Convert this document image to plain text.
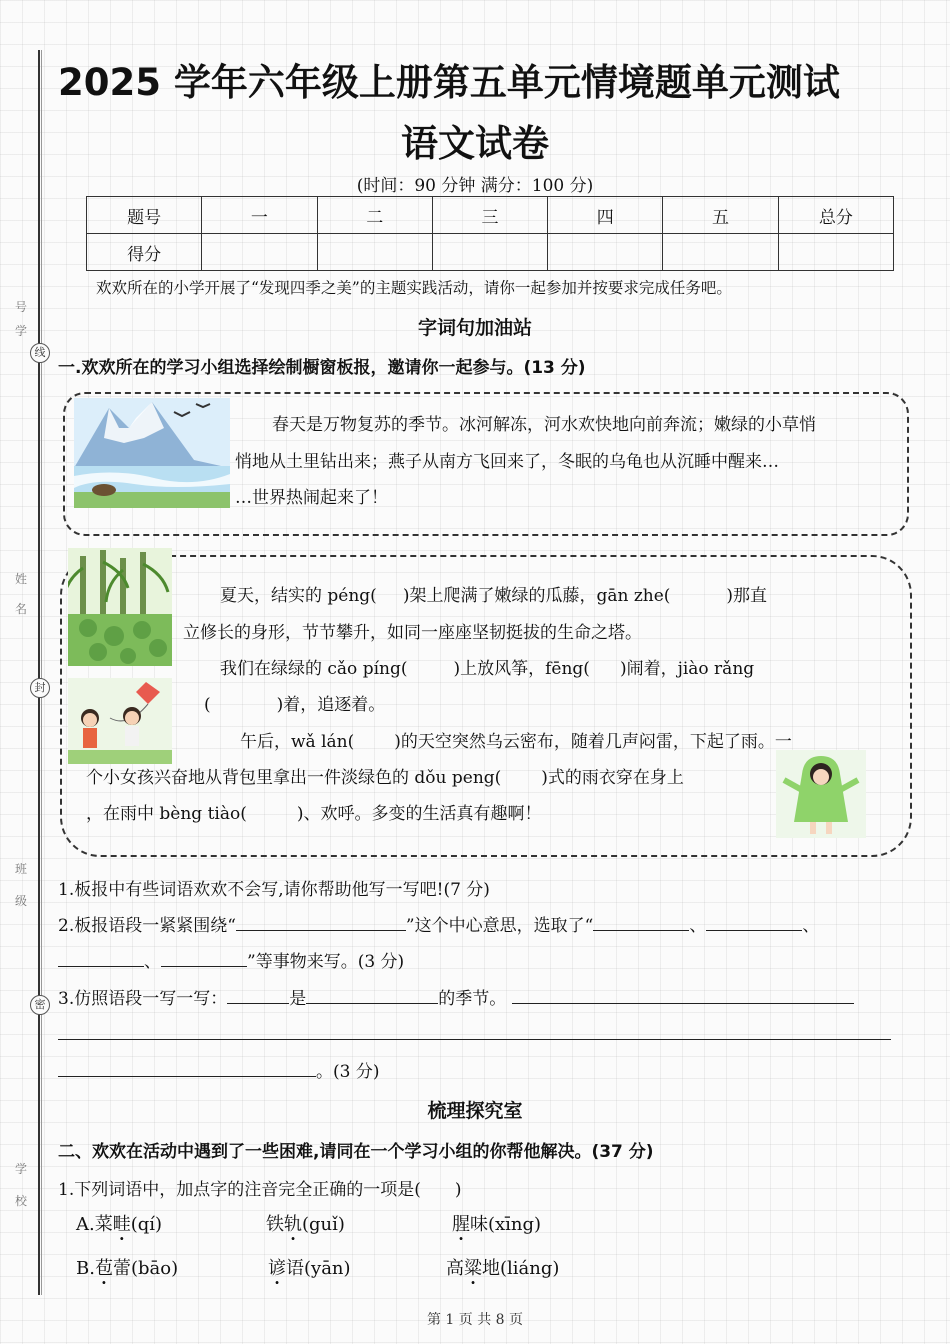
学
号
姓
名
班
级
学
校
线
封
密
2025 学年六年级上册第五单元情境题单元测试
语文试卷
(时间：90 分钟 满分：100 分)
题号	一	二	三	四	五	总分
得分						
欢欢所在的小学开展了“发现四季之美”的主题实践活动，请你一起参加并按要求完成任务吧。
字词句加油站
一.欢欢所在的学习小组选择绘制橱窗板报，邀请你一起参与。(13 分)
春天是万物复苏的季节。冰河解冻，河水欢快地向前奔流；嫩绿的小草悄
悄地从土里钻出来；燕子从南方飞回来了，冬眠的乌龟也从沉睡中醒来…
…世界热闹起来了！
夏天，结实的 péng( )架上爬满了嫩绿的瓜藤，gān zhe(	)那直
立修长的身形，节节攀升，如同一座座坚韧挺拔的生命之塔。
我们在绿绿的 cǎo píng(	)上放风筝，fēng( )闹着，jiào rǎng
(	)着，追逐着。
午后，wǎ lán( )的天空突然乌云密布，随着几声闷雷，下起了雨。一
个小女孩兴奋地从背包里拿出一件淡绿色的 dǒu peng( )式的雨衣穿在身上
，在雨中 bèng tiào(	)、欢呼。多变的生活真有趣啊！
1.板报中有些词语欢欢不会写,请你帮助他写一写吧!(7 分)
2.板报语段一紧紧围绕“	”这个中心意思，选取了“	、	、
、	”等事物来写。(3 分)
3.仿照语段一写一写：	是	的季节。
。(3 分)
梳理探究室
二、欢欢在活动中遇到了一些困难,请同在一个学习小组的你帮他解决。(37 分)
1.下列词语中，加点字的注音完全正确的一项是( )
A.菜畦(qí)	铁轨(guǐ)	腥味(xīng)
B.苞蕾(bāo)	谚语(yān)	高粱地(liáng)
第 1 页 共 8 页
